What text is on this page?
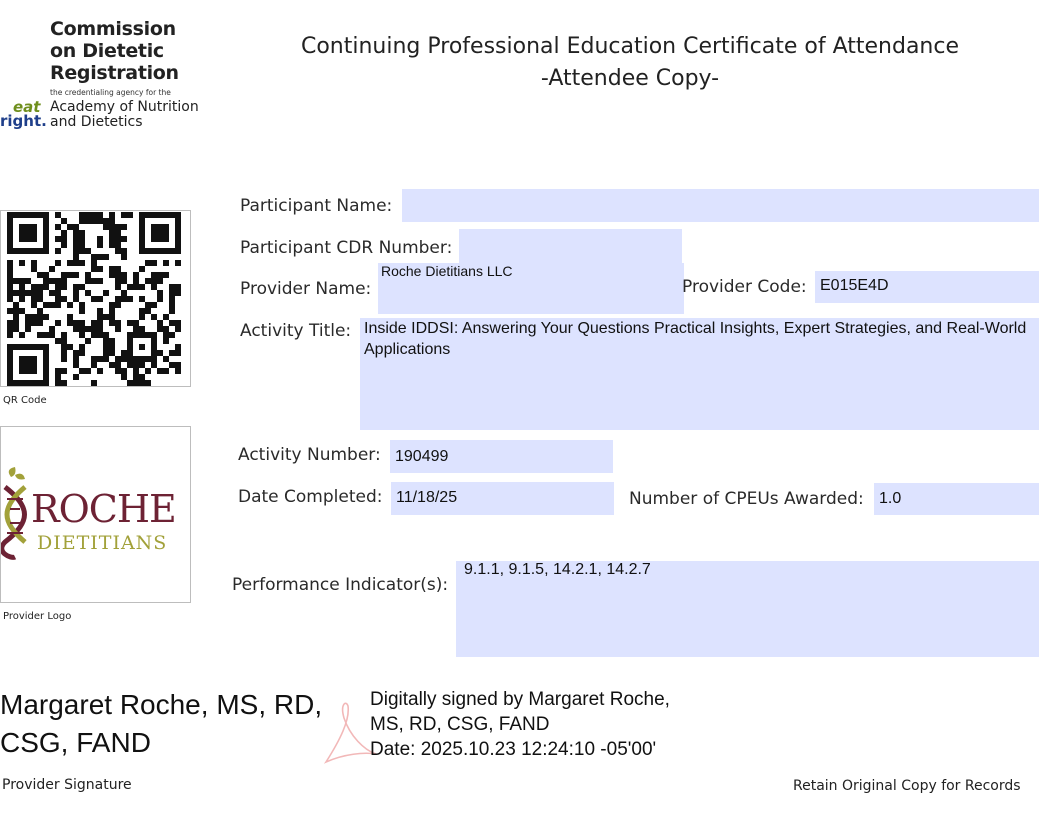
Commission
on Dietetic
Registration
the credentialing agency for the
eat
right.
Academy of Nutrition
and Dietetics
Continuing Professional Education Certificate of Attendance
-Attendee Copy-
QR Code
ROCHE
DIETITIANS
Provider Logo
Participant Name:
Participant CDR Number:
Provider Name:
Roche Dietitians LLC
Provider Code: E015E4D
Activity Title: Inside IDDSI: Answering Your Questions Practical Insights, Expert Strategies, and Real-World Applications
Activity Number: 190499
Date Completed: 11/18/25	Number of CPEUs Awarded: 1.0
Performance Indicator(s):
9.1.1, 9.1.5, 14.2.1, 14.2.7
Margaret Roche, MS, RD,
CSG, FAND
Digitally signed by Margaret Roche,
MS, RD, CSG, FAND
Date: 2025.10.23 12:24:10 -05'00'
Provider Signature	Retain Original Copy for Records
